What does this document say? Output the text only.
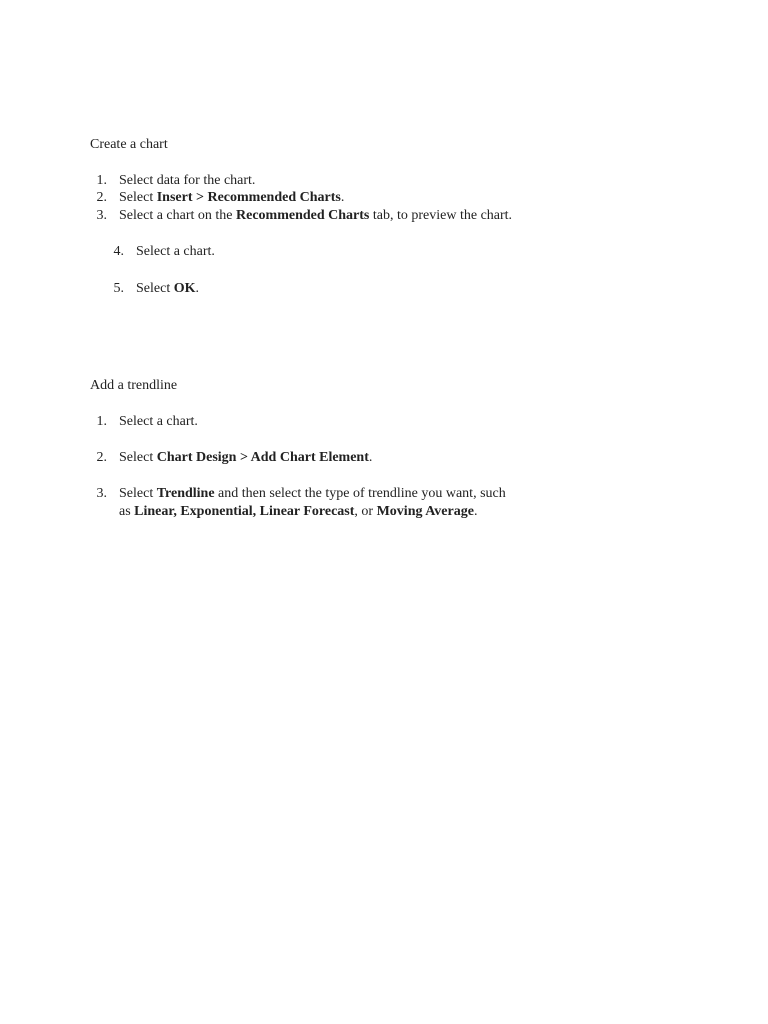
Create a chart

1. Select data for the chart.

2. Select Insert > Recommended Charts.

3. Select a chart on the Recommended Charts tab, to preview the chart.

4. Select a chart.

5. Select OK.

Add a trendline

1. Select a chart.

2. Select Chart Design > Add Chart Element.

3. Select Trendline and then select the type of trendline you want, such

as Linear, Exponential, Linear Forecast, or Moving Average.
